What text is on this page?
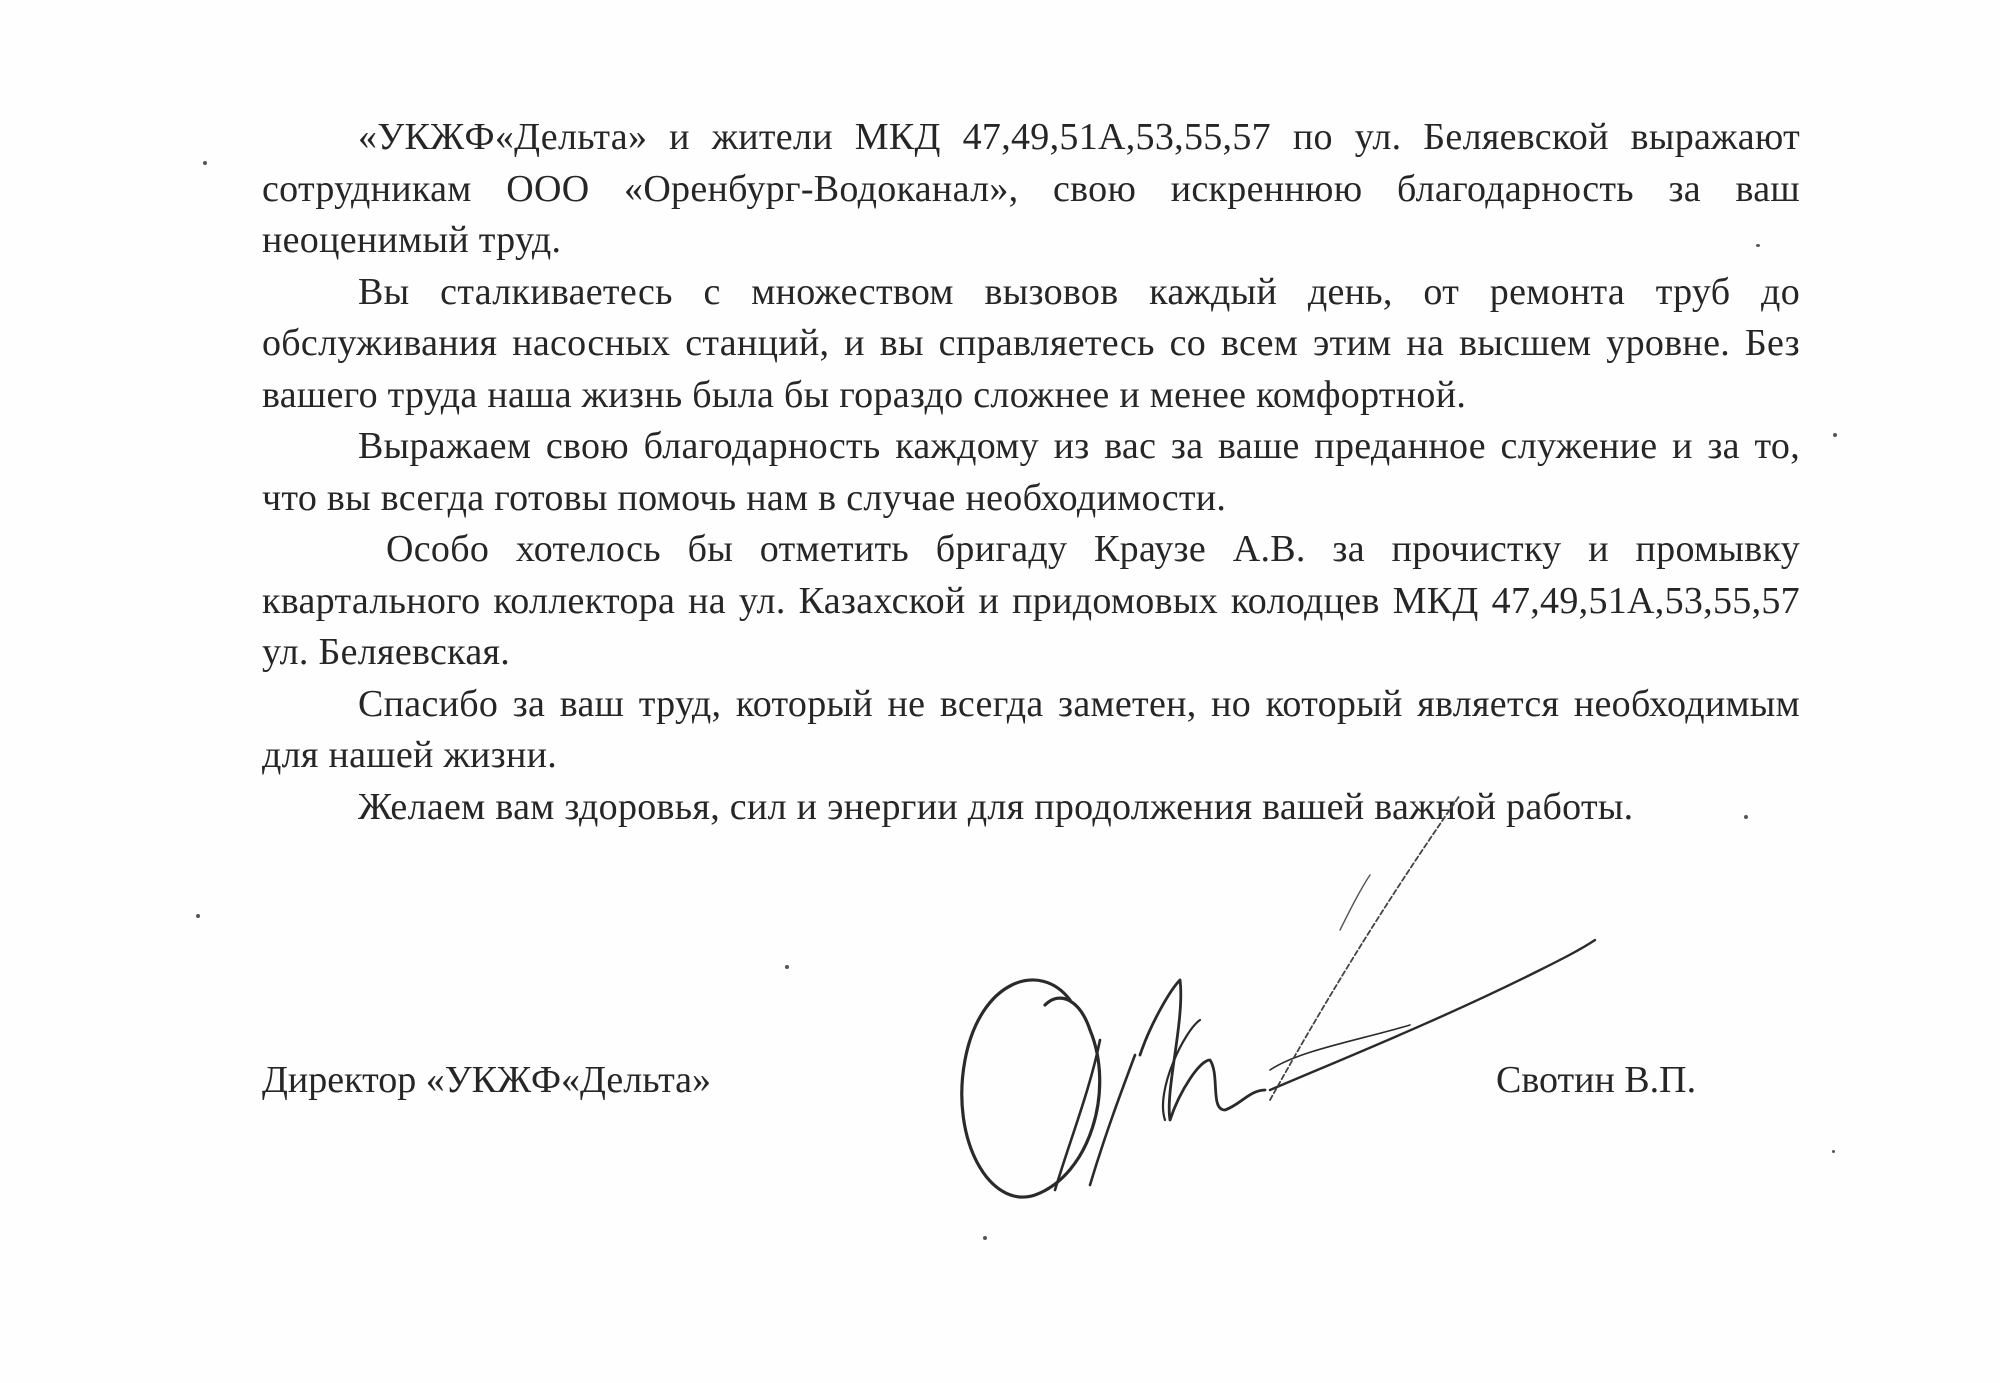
«УКЖФ«Дельта» и жители МКД 47,49,51А,53,55,57 по ул. Беляевской выражают сотрудникам ООО «Оренбург-Водоканал», свою искреннюю благодарность за ваш неоценимый труд.

Вы сталкиваетесь с множеством вызовов каждый день, от ремонта труб до обслуживания насосных станций, и вы справляетесь со всем этим на высшем уровне. Без вашего труда наша жизнь была бы гораздо сложнее и менее комфортной.

Выражаем свою благодарность каждому из вас за ваше преданное служение и за то, что вы всегда готовы помочь нам в случае необходимости.

Особо хотелось бы отметить бригаду Краузе А.В. за прочистку и промывку квартального коллектора на ул. Казахской и придомовых колодцев МКД 47,49,51А,53,55,57 ул. Беляевская.

Спасибо за ваш труд, который не всегда заметен, но который является необходимым для нашей жизни.

Желаем вам здоровья, сил и энергии для продолжения вашей важной работы.

Директор «УКЖФ«Дельта»	Свотин В.П.
